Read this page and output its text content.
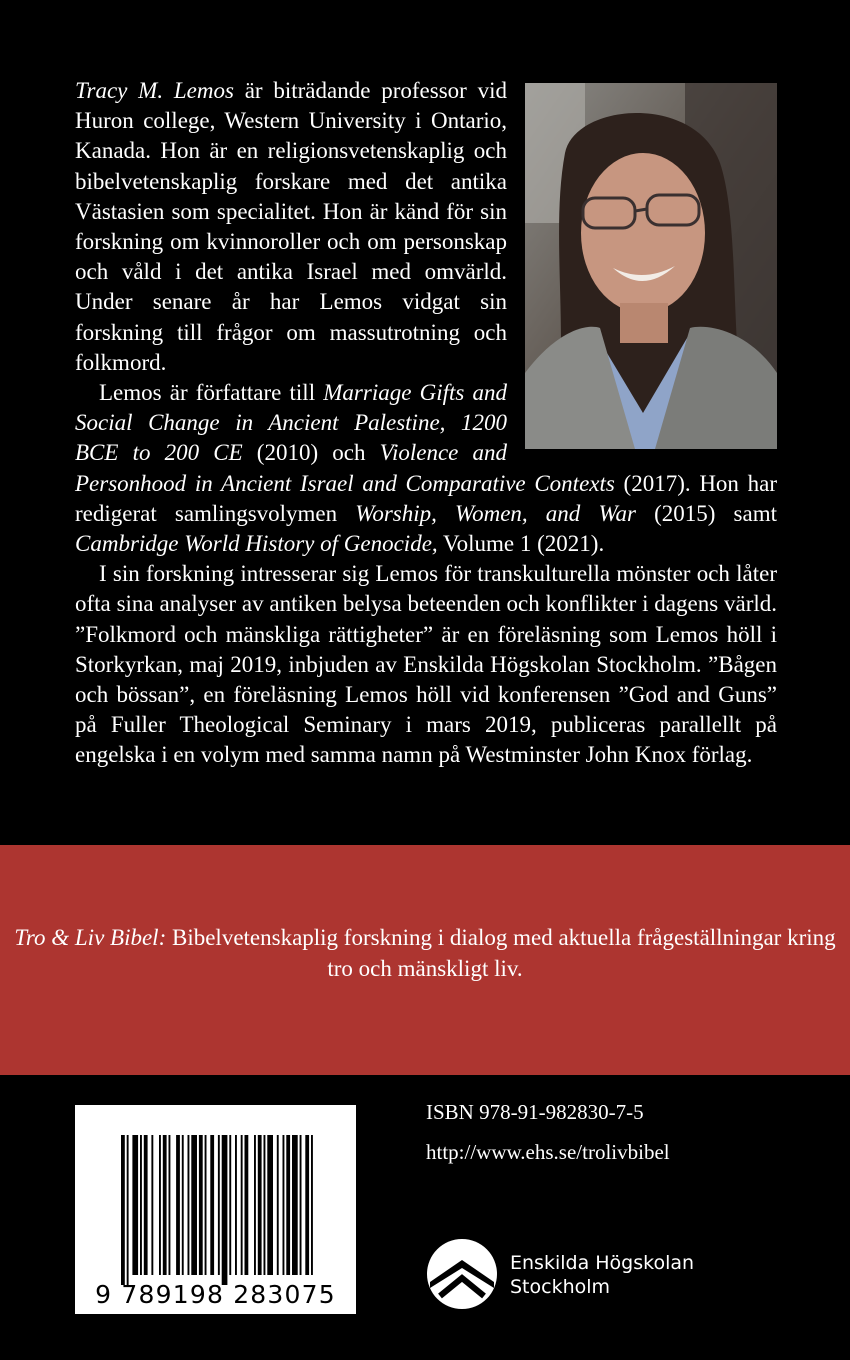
Tracy M. Lemos är biträdande professor vid Huron college, Western University i Ontario, Kanada. Hon är en religionsvetenskaplig och bibelvetenskaplig forskare med det antika Västasien som specialitet. Hon är känd för sin forskning om kvinnoroller och om personskap och våld i det antika Israel med omvärld. Under senare år har Lemos vidgat sin forskning till frågor om massutrotning och folkmord.

Lemos är författare till Marriage Gifts and Social Change in Ancient Palestine, 1200 BCE to 200 CE (2010) och Violence and Personhood in Ancient Israel and Comparative Contexts (2017). Hon har redigerat samlingsvolymen Worship, Women, and War (2015) samt Cambridge World History of Genocide, Volume 1 (2021).

I sin forskning intresserar sig Lemos för transkulturella mönster och låter ofta sina analyser av antiken belysa beteenden och konflikter i dagens värld. ”Folkmord och mänskliga rättigheter” är en föreläsning som Lemos höll i Storkyrkan, maj 2019, inbjuden av Enskilda Högskolan Stockholm. ”Bågen och bössan”, en föreläsning Lemos höll vid konferensen ”God and Guns” på Fuller Theological Seminary i mars 2019, publiceras parallellt på engelska i en volym med samma namn på Westminster John Knox förlag.

Tro & Liv Bibel: Bibelvetenskaplig forskning i dialog med aktuella frågeställningar kring tro och mänskligt liv.
9 789198 283075
ISBN 978-91-982830-7-5
http://www.ehs.se/trolivbibel
Enskilda Högskolan
Stockholm
